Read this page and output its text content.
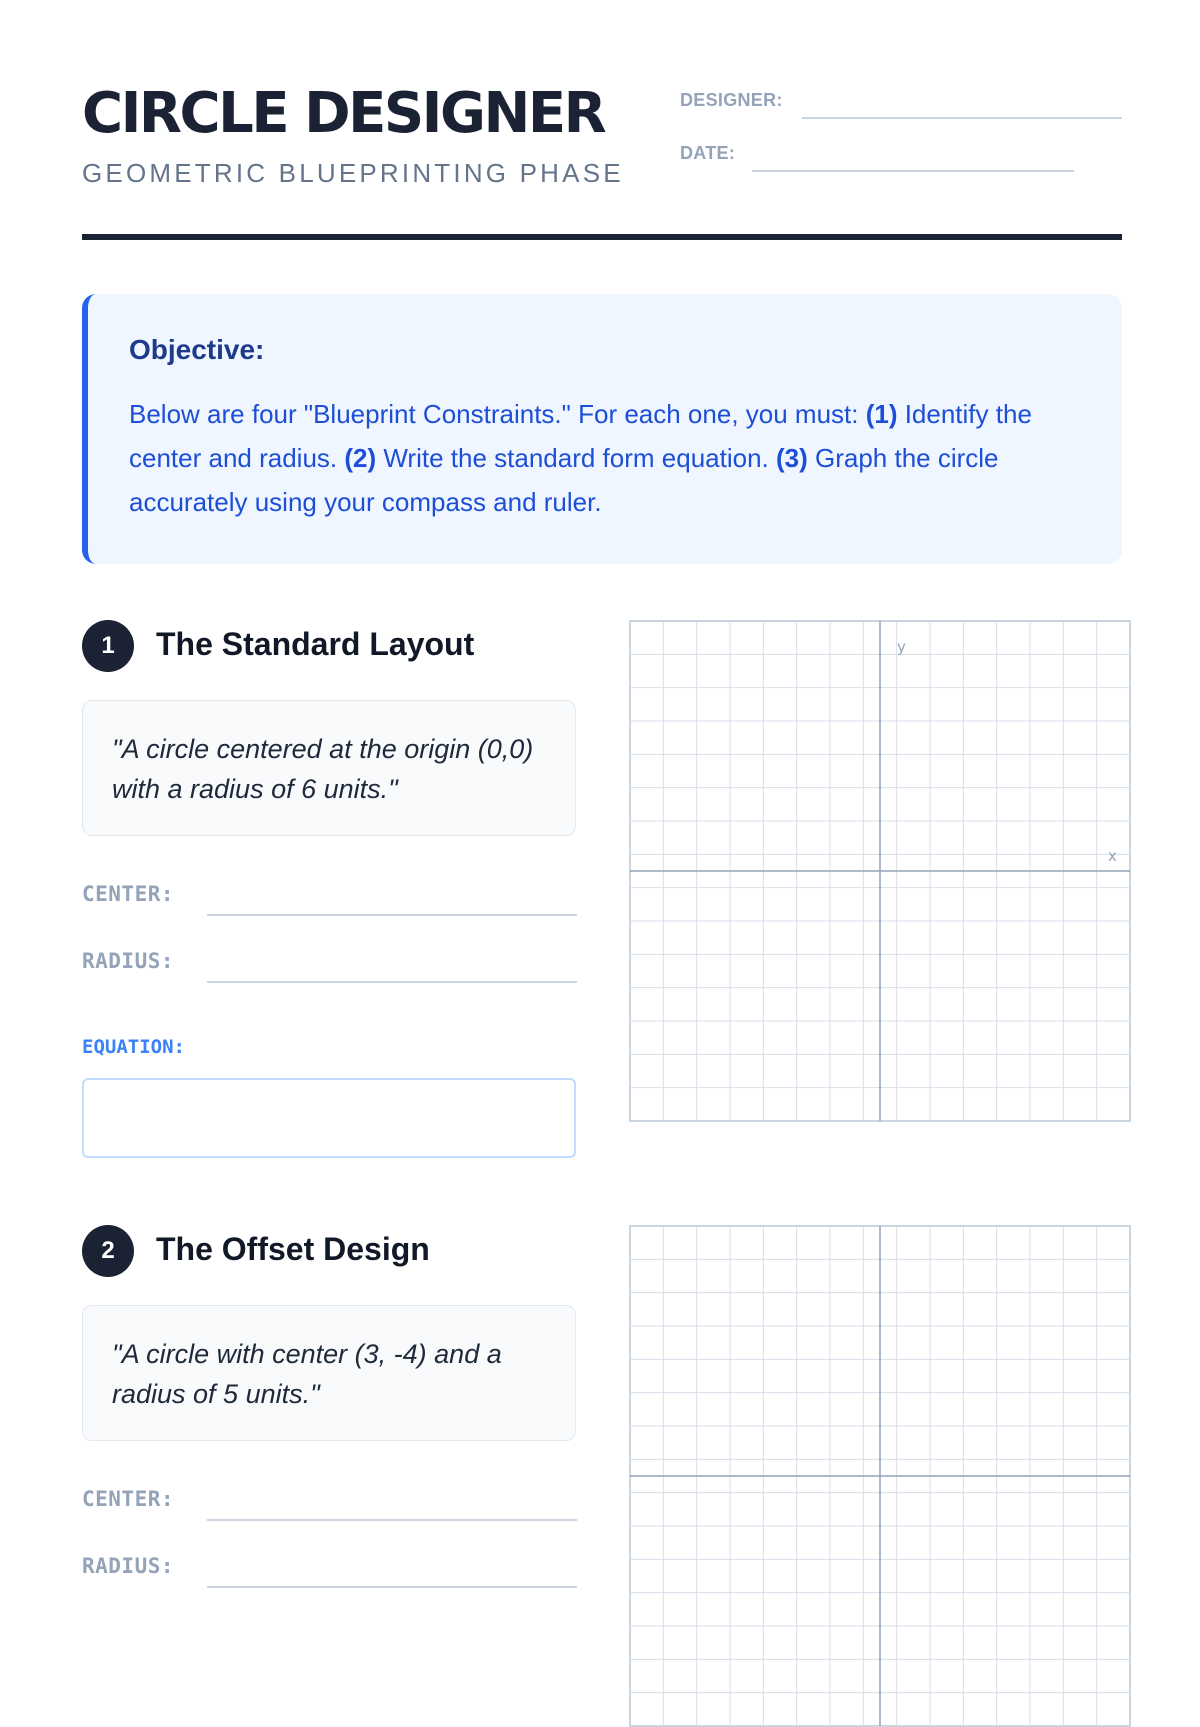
CIRCLE DESIGNER
GEOMETRIC BLUEPRINTING PHASE
DESIGNER:
DATE:
Objective:
Below are four "Blueprint Constraints." For each one, you must: (1) Identify the center and radius. (2) Write the standard form equation. (3) Graph the circle accurately using your compass and ruler.
1	The Standard Layout
"A circle centered at the origin (0,0) with a radius of 6 units."
CENTER:
RADIUS:
EQUATION:
y
x
2	The Offset Design
"A circle with center (3, -4) and a radius of 5 units."
CENTER:
RADIUS:
